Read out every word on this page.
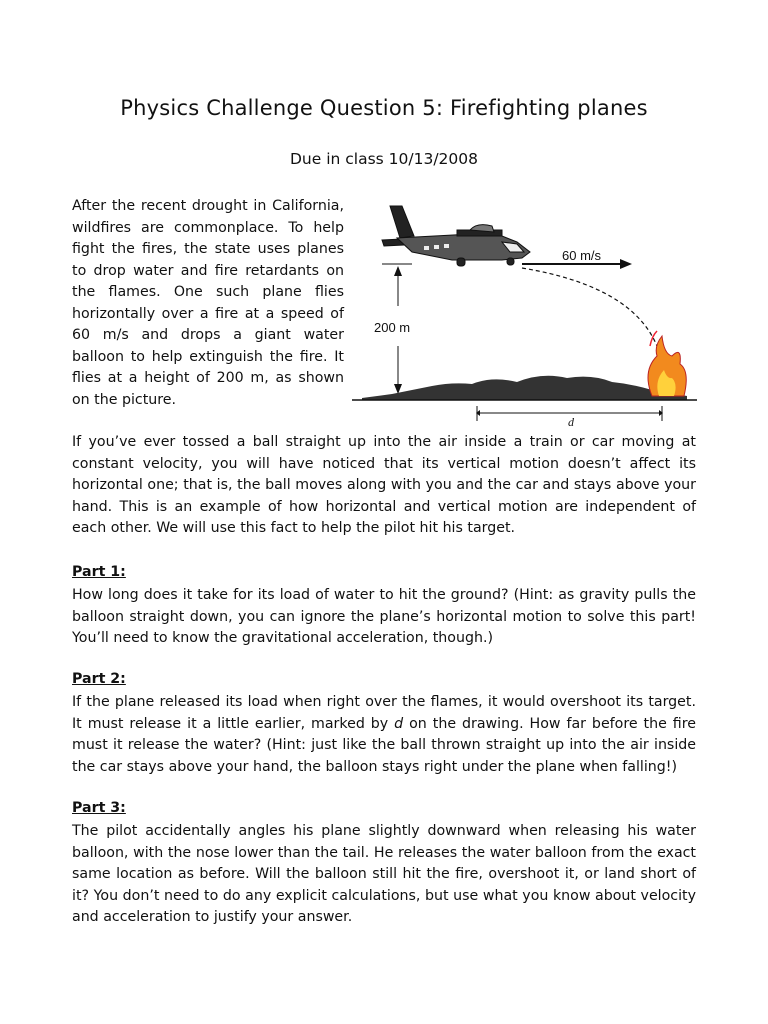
Physics Challenge Question 5: Firefighting planes
Due in class 10/13/2008
After the recent drought in California, wildfires are commonplace. To help fight the fires, the state uses planes to drop water and fire retardants on the flames. One such plane flies horizontally over a fire at a speed of 60 m/s and drops a giant water balloon to help extinguish the fire. It flies at a height of 200 m, as shown on the picture.
60 m/s
200 m
d
If you’ve ever tossed a ball straight up into the air inside a train or car moving at constant velocity, you will have noticed that its vertical motion doesn’t affect its horizontal one; that is, the ball moves along with you and the car and stays above your hand. This is an example of how horizontal and vertical motion are independent of each other. We will use this fact to help the pilot hit his target.
Part 1:
How long does it take for its load of water to hit the ground? (Hint: as gravity pulls the balloon straight down, you can ignore the plane’s horizontal motion to solve this part! You’ll need to know the gravitational acceleration, though.)
Part 2:
If the plane released its load when right over the flames, it would overshoot its target. It must release it a little earlier, marked by d on the drawing. How far before the fire must it release the water? (Hint: just like the ball thrown straight up into the air inside the car stays above your hand, the balloon stays right under the plane when falling!)
Part 3:
The pilot accidentally angles his plane slightly downward when releasing his water balloon, with the nose lower than the tail. He releases the water balloon from the exact same location as before. Will the balloon still hit the fire, overshoot it, or land short of it? You don’t need to do any explicit calculations, but use what you know about velocity and acceleration to justify your answer.
